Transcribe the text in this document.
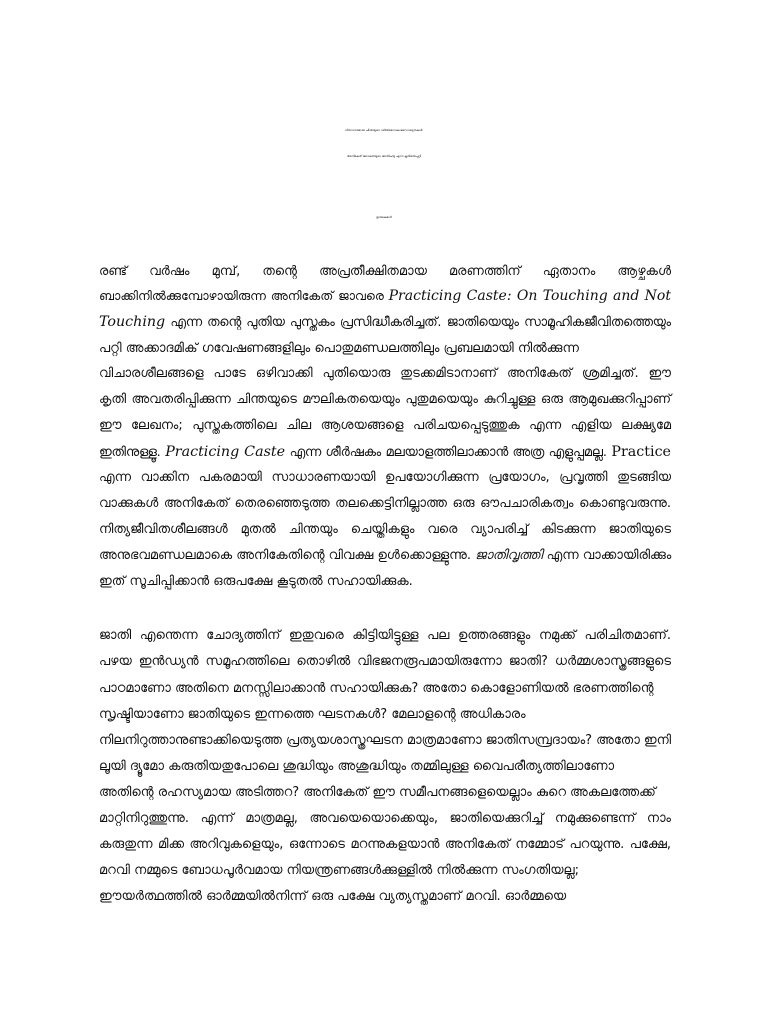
നിരാധാരമായ ചിന്തയുടെ വർത്തമാനകാലസാദ്ധ്യതകൾ:
അനികേത് ജാവരെയുടെ ജാതിചര്യ എന്ന കൃതിയെപ്പറ്റി
ഉദയകുമാർ
രണ്ട് വർഷം മുമ്പ്, തന്റെ അപ്രതീക്ഷിതമായ മരണത്തിന് ഏതാനം ആഴ്ചകൾ
ബാക്കിനിൽക്കുമ്പോഴായിരുന്ന അനികേത് ജാവരെ Practicing Caste: On Touching and Not
Touching എന്ന തന്റെ പുതിയ പുസ്തകം പ്രസിദ്ധീകരിച്ചത്. ജാതിയെയും സാമൂഹികജീവിതത്തെയും
പറ്റി അക്കാദമിക് ഗവേഷണങ്ങളിലും പൊതുമണ്ഡലത്തിലും പ്രബലമായി നിൽക്കുന്ന
വിചാരശീലങ്ങളെ പാടേ ഒഴിവാക്കി പുതിയൊരു തുടക്കമിടാനാണ് അനികേത് ശ്രമിച്ചത്. ഈ
കൃതി അവതരിപ്പിക്കുന്ന ചിന്തയുടെ മൗലികതയെയും പുതുമയെയും കുറിച്ചുള്ള ഒരു ആമുഖക്കുറിപ്പാണ്
ഈ ലേഖനം; പുസ്തകത്തിലെ ചില ആശയങ്ങളെ പരിചയപ്പെടുത്തുക എന്ന എളിയ ലക്ഷ്യമേ
ഇതിനുള്ളൂ. Practicing Caste എന്ന ശീർഷകം മലയാളത്തിലാക്കാൻ അത്ര എളുപ്പമല്ല. Practice
എന്ന വാക്കിന പകരമായി സാധാരണയായി ഉപയോഗിക്കുന്ന പ്രയോഗം, പ്രവൃത്തി തുടങ്ങിയ
വാക്കുകൾ അനികേത് തെരഞ്ഞെടുത്ത തലക്കെട്ടിനില്ലാത്ത ഒരു ഔപചാരികത്വം കൊണ്ടുവരുന്നു.
നിത്യജീവിതശീലങ്ങൾ മുതൽ ചിന്തയും ചെയ്തികളും വരെ വ്യാപരിച്ച് കിടക്കുന്ന ജാതിയുടെ
അനുഭവമണ്ഡലമാകെ അനികേതിന്റെ വിവക്ഷ ഉൾക്കൊള്ളുന്നു. ജാതിവൃത്തി എന്ന വാക്കായിരിക്കും
ഇത് സൂചിപ്പിക്കാൻ ഒരുപക്ഷേ കൂടുതൽ സഹായിക്കുക.
ജാതി എന്തെന്ന ചോദ്യത്തിന് ഇതുവരെ കിട്ടിയിട്ടുള്ള പല ഉത്തരങ്ങളും നമുക്ക് പരിചിതമാണ്.
പഴയ ഇൻഡ്യൻ സമൂഹത്തിലെ തൊഴിൽ വിഭജനരൂപമായിരുന്നോ ജാതി? ധർമ്മശാസ്ത്രങ്ങളുടെ
പാഠമാണോ അതിനെ മനസ്സിലാക്കാൻ സഹായിക്കുക? അതോ കൊളോണിയൽ ഭരണത്തിന്റെ
സൃഷ്ടിയാണോ ജാതിയുടെ ഇന്നത്തെ ഘടനകൾ? മേലാളന്റെ അധികാരം
നിലനിറുത്താനുണ്ടാക്കിയെടുത്ത പ്രത്യയശാസ്ത്രഘടന മാത്രമാണോ ജാതിസമ്പ്രദായം? അതോ ഇനി
ലൂയി ദ്യൂമോ കരുതിയതുപോലെ ശുദ്ധിയും അശുദ്ധിയും തമ്മിലുള്ള വൈപരീത്യത്തിലാണോ
അതിന്റെ രഹസ്യമായ അടിത്തറ? അനികേത് ഈ സമീപനങ്ങളെയെല്ലാം കുറെ അകലത്തേക്ക്
മാറ്റിനിറുത്തുന്നു. എന്ന് മാത്രമല്ല, അവയെയൊക്കെയും, ജാതിയെക്കുറിച്ച് നമുക്കുണ്ടെന്ന് നാം
കരുതുന്ന മിക്ക അറിവുകളെയും, ഒന്നോടെ മറന്നുകളയാൻ അനികേത് നമ്മോട് പറയുന്നു. പക്ഷേ,
മറവി നമ്മുടെ ബോധപൂർവമായ നിയന്ത്രണങ്ങൾക്കുള്ളിൽ നിൽക്കുന്ന സംഗതിയല്ല;
ഈയർത്ഥത്തിൽ ഓർമ്മയിൽനിന്ന് ഒരു പക്ഷേ വ്യത്യസ്തമാണ് മറവി. ഓർമ്മയെ
